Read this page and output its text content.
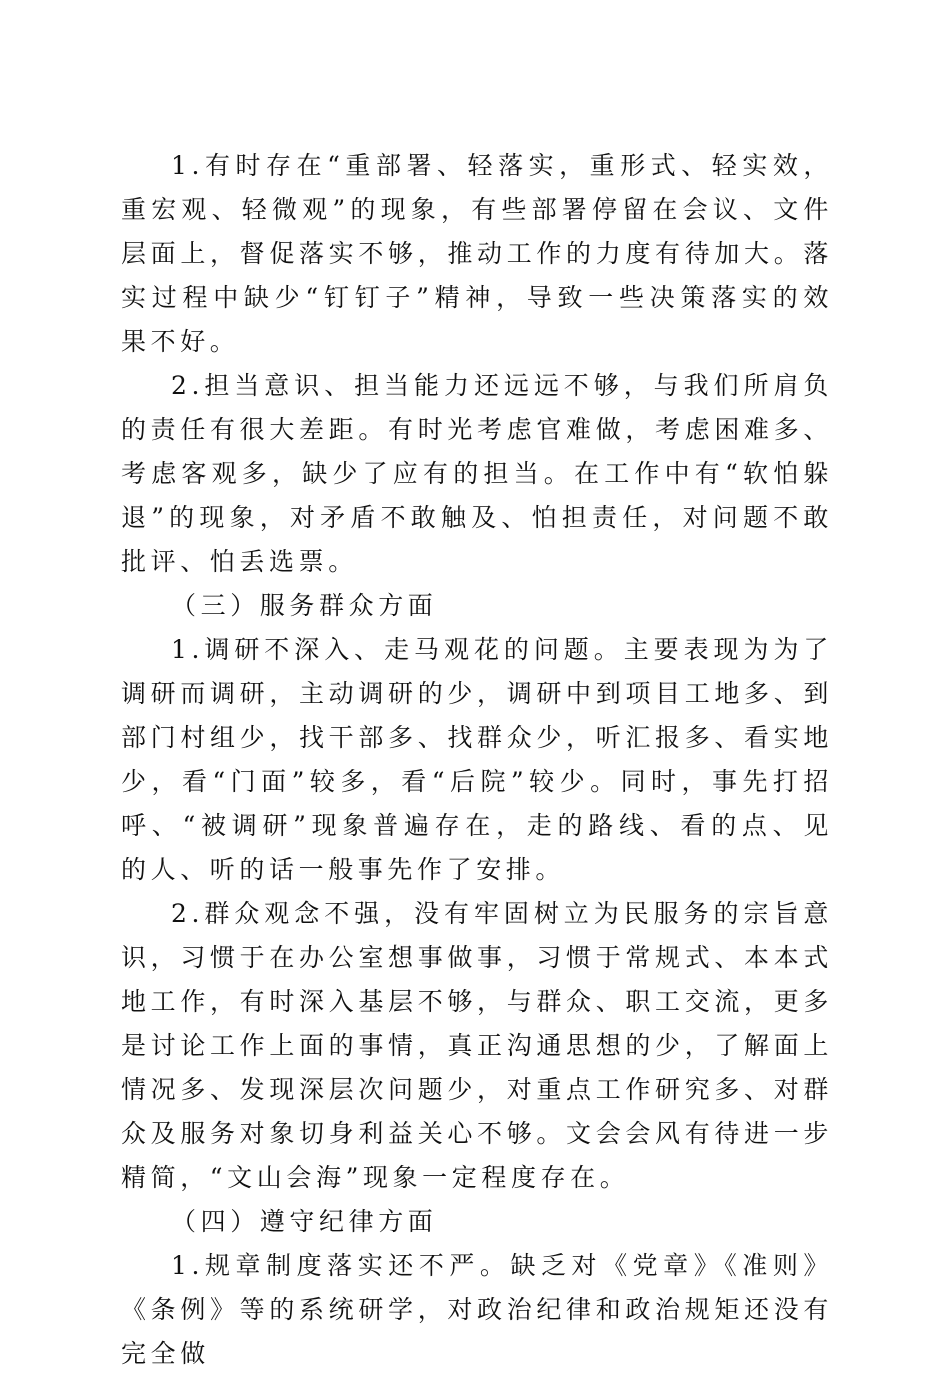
1.有时存在“重部署、轻落实，重形式、轻实效，重宏观、轻微观”的现象，有些部署停留在会议、文件层面上，督促落实不够，推动工作的力度有待加大。落实过程中缺少“钉钉子”精神，导致一些决策落实的效果不好。

2.担当意识、担当能力还远远不够，与我们所肩负的责任有很大差距。有时光考虑官难做，考虑困难多、考虑客观多，缺少了应有的担当。在工作中有“软怕躲退”的现象，对矛盾不敢触及、怕担责任，对问题不敢批评、怕丢选票。

（三）服务群众方面

1.调研不深入、走马观花的问题。主要表现为为了调研而调研，主动调研的少，调研中到项目工地多、到部门村组少，找干部多、找群众少，听汇报多、看实地少，看“门面”较多，看“后院”较少。同时，事先打招呼、“被调研”现象普遍存在，走的路线、看的点、见的人、听的话一般事先作了安排。

2.群众观念不强，没有牢固树立为民服务的宗旨意识，习惯于在办公室想事做事，习惯于常规式、本本式地工作，有时深入基层不够，与群众、职工交流，更多是讨论工作上面的事情，真正沟通思想的少，了解面上情况多、发现深层次问题少，对重点工作研究多、对群众及服务对象切身利益关心不够。文会会风有待进一步精简，“文山会海”现象一定程度存在。

（四）遵守纪律方面

1.规章制度落实还不严。缺乏对《党章》《准则》《条例》等的系统研学，对政治纪律和政治规矩还没有完全做
